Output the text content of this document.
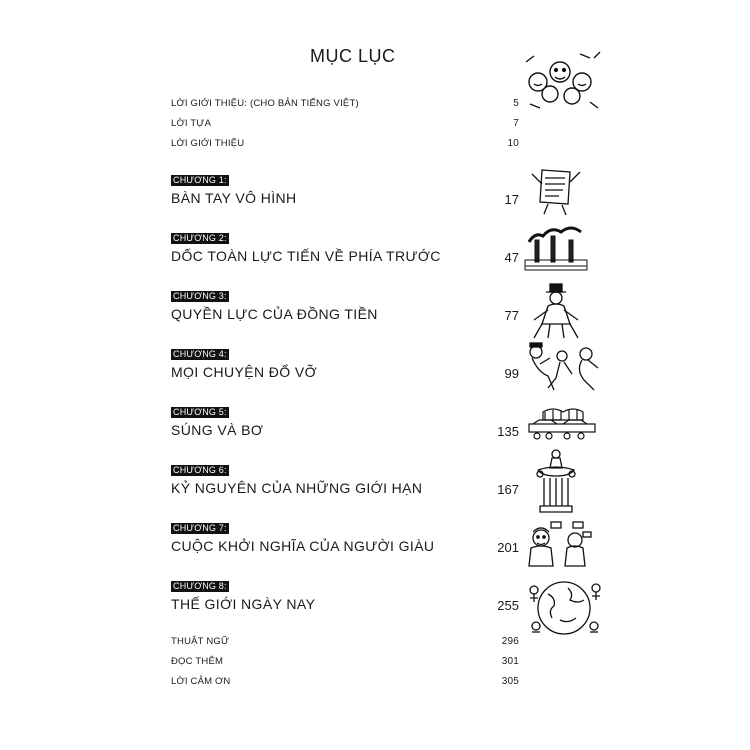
MỤC LỤC
LỜI GIỚI THIỆU: (CHO BẢN TIẾNG VIỆT)	5
LỜI TỰA	7
LỜI GIỚI THIỆU	10
CHƯƠNG 1:
BÀN TAY VÔ HÌNH	17
CHƯƠNG 2:
DỐC TOÀN LỰC TIẾN VỀ PHÍA TRƯỚC	47
CHƯƠNG 3:
QUYỀN LỰC CỦA ĐỒNG TIỀN	77
CHƯƠNG 4:
MỌI CHUYỆN ĐỔ VỠ	99
CHƯƠNG 5:
SÚNG VÀ BƠ	135
CHƯƠNG 6:
KỶ NGUYÊN CỦA NHỮNG GIỚI HẠN	167
CHƯƠNG 7:
CUỘC KHỞI NGHĨA CỦA NGƯỜI GIÀU	201
CHƯƠNG 8:
THẾ GIỚI NGÀY NAY	255
THUẬT NGỮ	296
ĐỌC THÊM	301
LỜI CẢM ƠN	305
